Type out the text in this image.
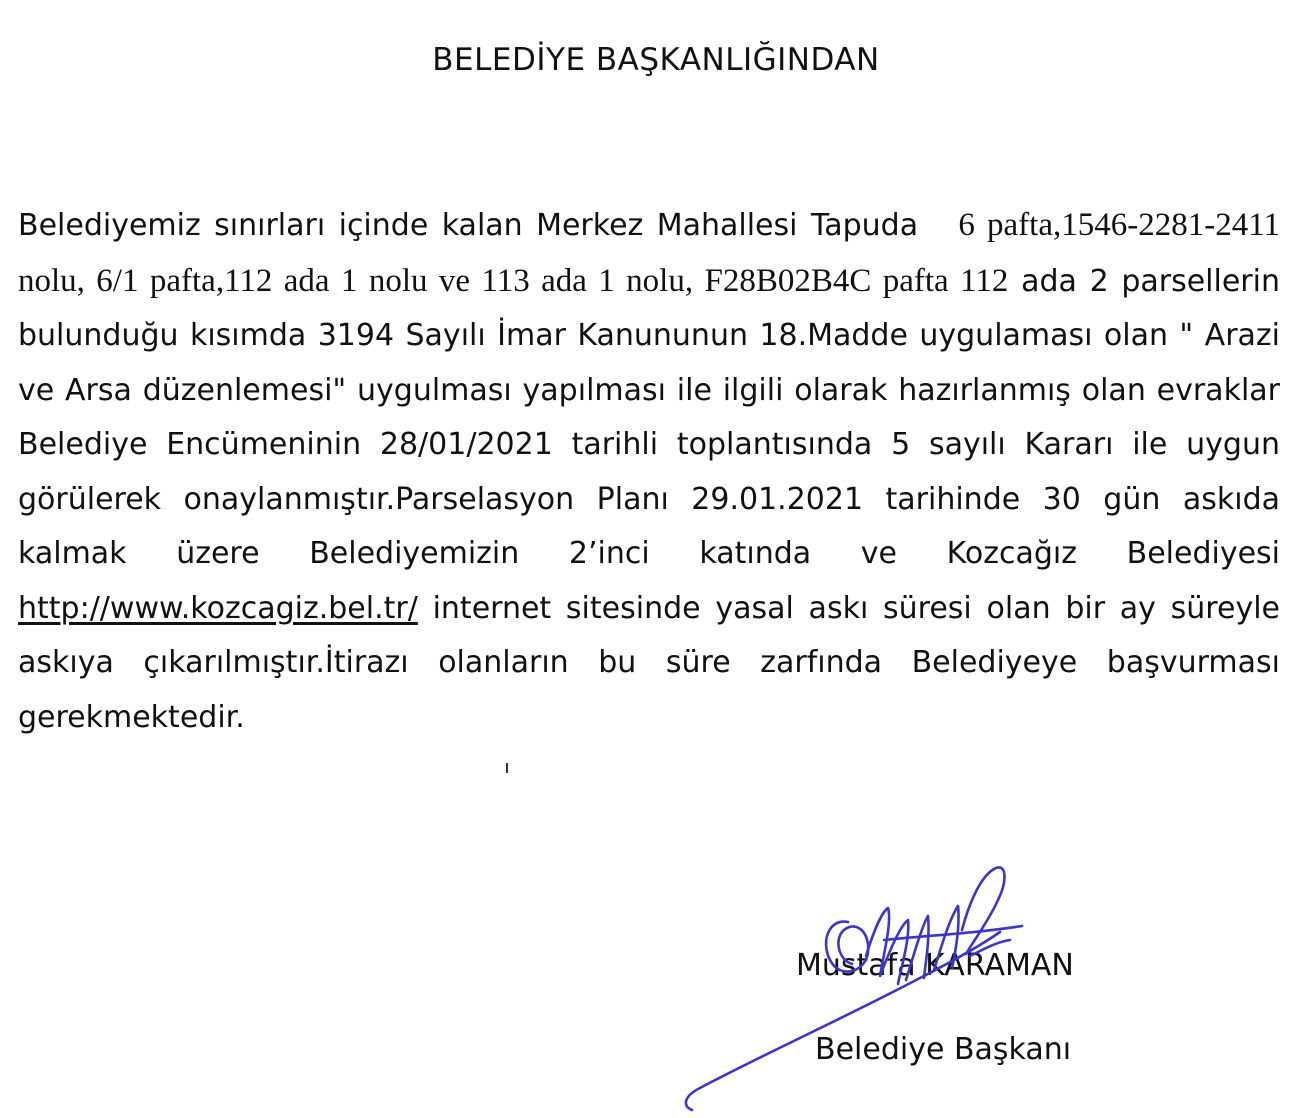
BELEDİYE BAŞKANLIĞINDAN
Belediyemiz sınırları içinde kalan Merkez Mahallesi Tapuda 6 pafta,1546-2281-2411 nolu, 6/1 pafta,112 ada 1 nolu ve 113 ada 1 nolu, F28B02B4C pafta 112 ada 2 parsellerin bulunduğu kısımda 3194 Sayılı İmar Kanununun 18.Madde uygulaması olan " Arazi ve Arsa düzenlemesi" uygulması yapılması ile ilgili olarak hazırlanmış olan evraklar Belediye Encümeninin 28/01/2021 tarihli toplantısında 5 sayılı Kararı ile uygun görülerek onaylanmıştır.Parselasyon Planı 29.01.2021 tarihinde 30 gün askıda kalmak üzere Belediyemizin 2’inci katında ve Kozcağız Belediyesi http://www.kozcagiz.bel.tr/ internet sitesinde yasal askı süresi olan bir ay süreyle askıya çıkarılmıştır.İtirazı olanların bu süre zarfında Belediyeye başvurması gerekmektedir.
Mustafa KARAMAN
Belediye Başkanı
